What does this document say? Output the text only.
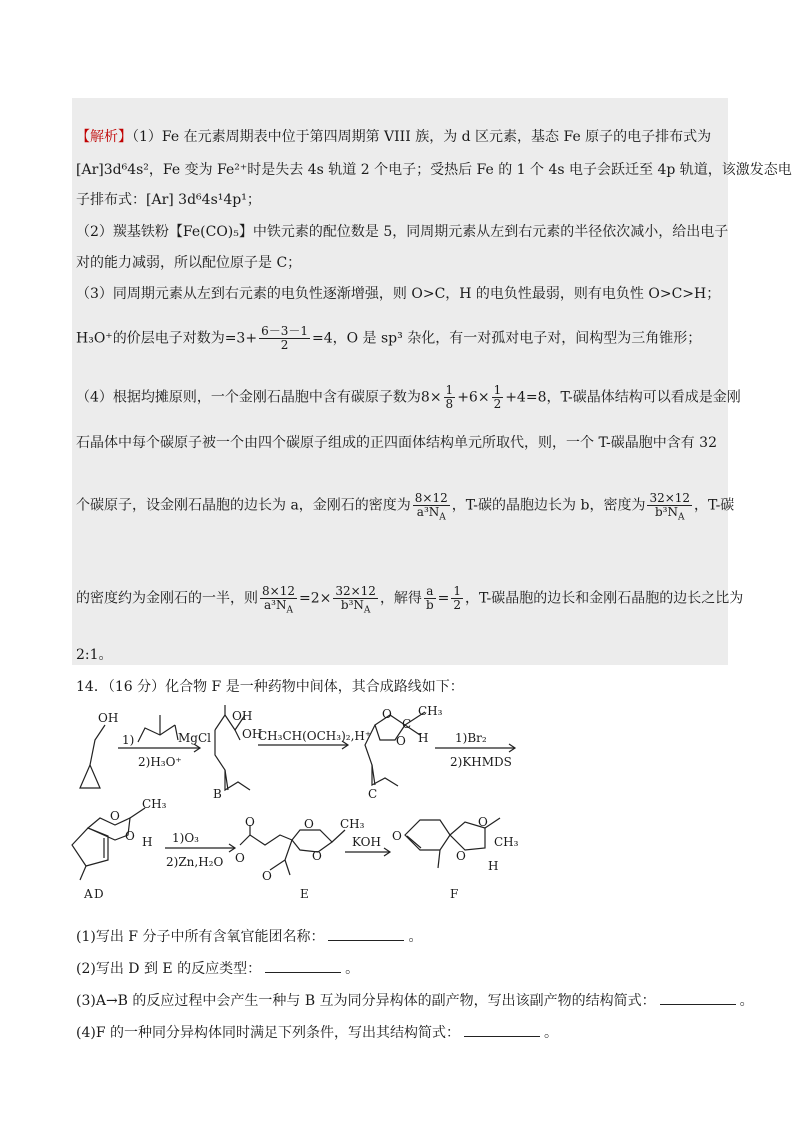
【解析】（1）Fe 在元素周期表中位于第四周期第 VIII 族，为 d 区元素，基态 Fe 原子的电子排布式为
[Ar]3d⁶4s²，Fe 变为 Fe²⁺时是失去 4s 轨道 2 个电子；受热后 Fe 的 1 个 4s 电子会跃迁至 4p 轨道，该激发态电
子排布式：[Ar] 3d⁶4s¹4p¹；
（2）羰基铁粉【Fe(CO)₅】中铁元素的配位数是 5，同周期元素从左到右元素的半径依次减小，给出电子
对的能力减弱，所以配位原子是 C；
（3）同周期元素从左到右元素的电负性逐渐增强，则 O>C，H 的电负性最弱，则有电负性 O>C>H；
H₃O⁺的价层电子对数为$=3+ \frac{6-3-1}{2} =4$，O 是 sp³ 杂化，有一对孤对电子对，间构型为三角锥形；
（4）根据均摊原则，一个金刚石晶胞中含有碳原子数为$8\times \frac{1}{8} +6\times \frac{1}{2} +4=8$，T-碳晶体结构可以看成是金刚
石晶体中每个碳原子被一个由四个碳原子组成的正四面体结构单元所取代，则，一个 T-碳晶胞中含有 32
个碳原子，设金刚石晶胞的边长为 a，金刚石的密度为 $\frac{8\times 12}{a^3N_A}$ ，T-碳的晶胞边长为 b，密度为 $\frac{32\times 12}{b^3N_A}$ ，T-碳
的密度约为金刚石的一半，则 $\frac{8\times 12}{a^3N_A} =2\times \frac{32\times 12}{b^3N_A}$ ，解得 $\frac{a}{b} = \frac{1}{2}$ ，T-碳晶胞的边长和金刚石晶胞的边长之比为
2:1。
14．（16 分）化合物 F 是一种药物中间体，其合成路线如下：
OH
MgCl
1)
2)H₃O⁺
OH
OH
CH₃CH(OCH₃)₂,H⁺
O
O
C
CH₃
H 1)Br₂
2)KHMDS
O
O
CH₃
H 1)O₃
2)Zn,H₂O
O
O
O
O
CH₃
O
KOH O
O
O
CH₃
H
A
B	C
D	E	F
(1)写出 F 分子中所有含氧官能团名称：	。
(2)写出 D 到 E 的反应类型：	。
(3)A→B 的反应过程中会产生一种与 B 互为同分异构体的副产物，写出该副产物的结构简式：	。
(4)F 的一种同分异构体同时满足下列条件，写出其结构简式：	。
